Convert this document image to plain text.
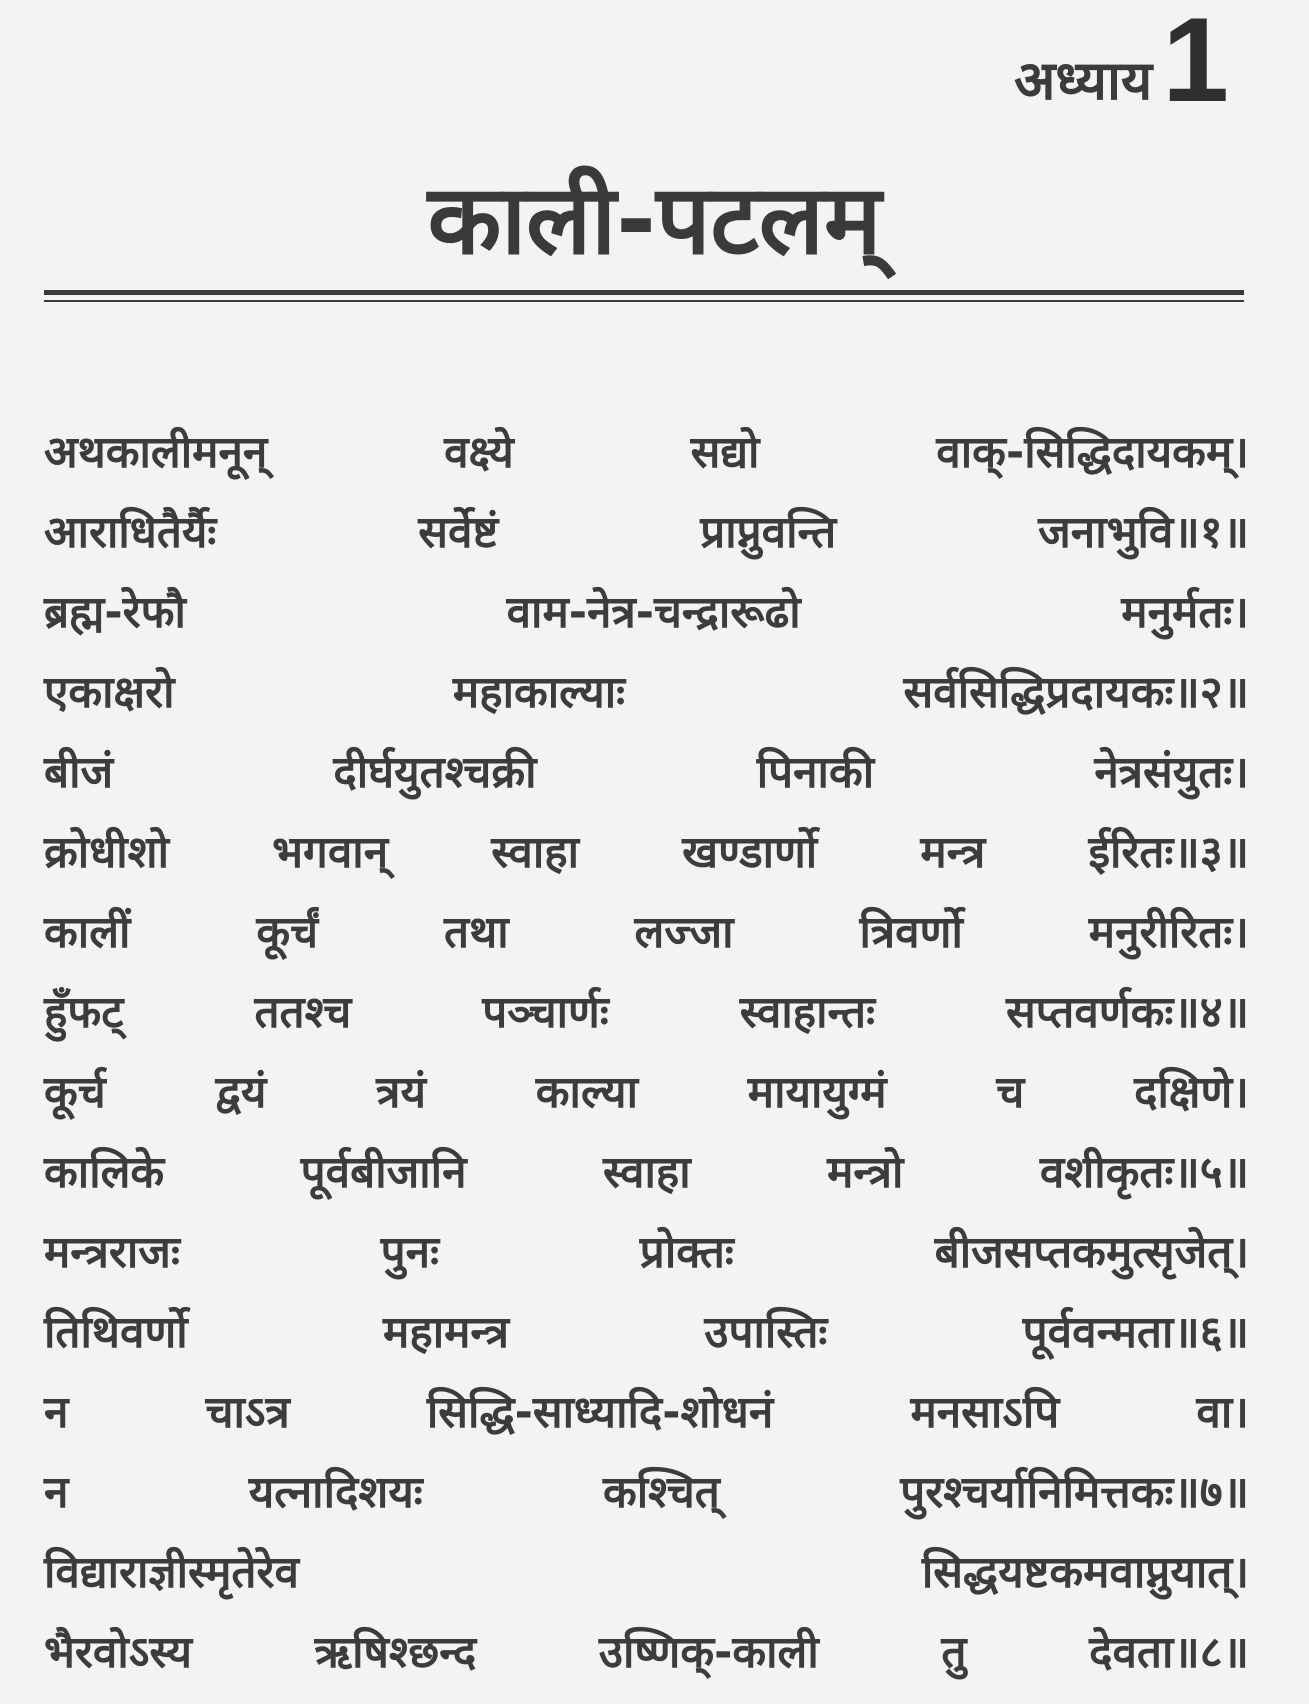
अध्याय 1
काली-पटलम्
अथकालीमनून्	वक्ष्ये	सद्यो	वाक्-सिद्धिदायकम्।
आराधितैर्यैः	सर्वेष्टं	प्राप्नुवन्ति	जनाभुवि॥१॥
ब्रह्म-रेफौ	वाम-नेत्र-चन्द्रारूढो	मनुर्मतः।
एकाक्षरो	महाकाल्याः	सर्वसिद्धिप्रदायकः॥२॥
बीजं	दीर्घयुतश्चक्री	पिनाकी	नेत्रसंयुतः।
क्रोधीशो भगवान् स्वाहा खण्डार्णो मन्त्र ईरितः॥३॥
कालीं	कूर्चं	तथा	लज्जा	त्रिवर्णो	मनुरीरितः।
हुँफट्	ततश्च	पञ्चार्णः	स्वाहान्तः	सप्तवर्णकः॥४॥
कूर्च द्वयं त्रयं काल्या मायायुग्मं च दक्षिणे।
कालिके	पूर्वबीजानि	स्वाहा	मन्त्रो	वशीकृतः॥५॥
मन्त्रराजः	पुनः	प्रोक्तः	बीजसप्तकमुत्सृजेत्।
तिथिवर्णो	महामन्त्र	उपास्तिः	पूर्ववन्मता॥६॥
न	चाऽत्र	सिद्धि-साध्यादि-शोधनं	मनसाऽपि	वा।
न	यत्नादिशयः	कश्चित्	पुरश्चर्यानिमित्तकः॥७॥
विद्याराज्ञीस्मृतेरेव	सिद्धयष्टकमवाप्नुयात्।
भैरवोऽस्य	ऋषिश्छन्द	उष्णिक्-काली	तु	देवता॥८॥
